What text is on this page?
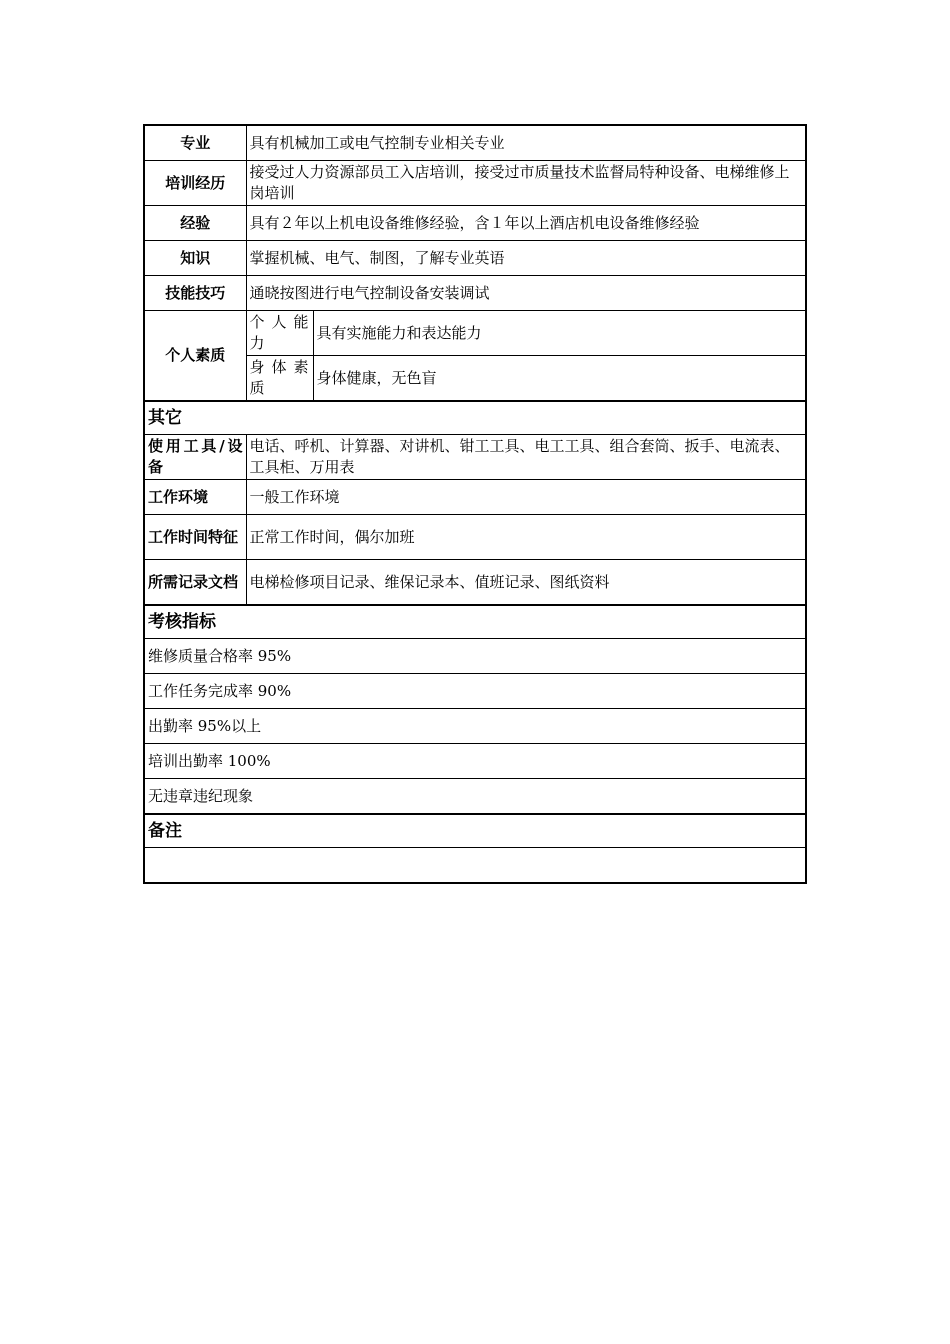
专业	具有机械加工或电气控制专业相关专业	
培训经历	接受过人力资源部员工入店培训，接受过市质量技术监督局特种设备、电梯维修上岗培训	
经验	具有２年以上机电设备维修经验，含１年以上酒店机电设备维修经验	
知识	掌握机械、电气、制图，了解专业英语	
技能技巧	通晓按图进行电气控制设备安装调试	
个人素质	个 人 能力	具有实施能力和表达能力
	身 体 素质	身体健康，无色盲
其它		
使用工具/设备	电话、呼机、计算器、对讲机、钳工工具、电工工具、组合套筒、扳手、电流表、工具柜、万用表	
工作环境	一般工作环境	
工作时间特征	正常工作时间，偶尔加班	
所需记录文档	电梯检修项目记录、维保记录本、值班记录、图纸资料	
考核指标		
维修质量合格率 95%		
工作任务完成率 90%		
出勤率 95%以上		
培训出勤率 100%		
无违章违纪现象		
备注		
